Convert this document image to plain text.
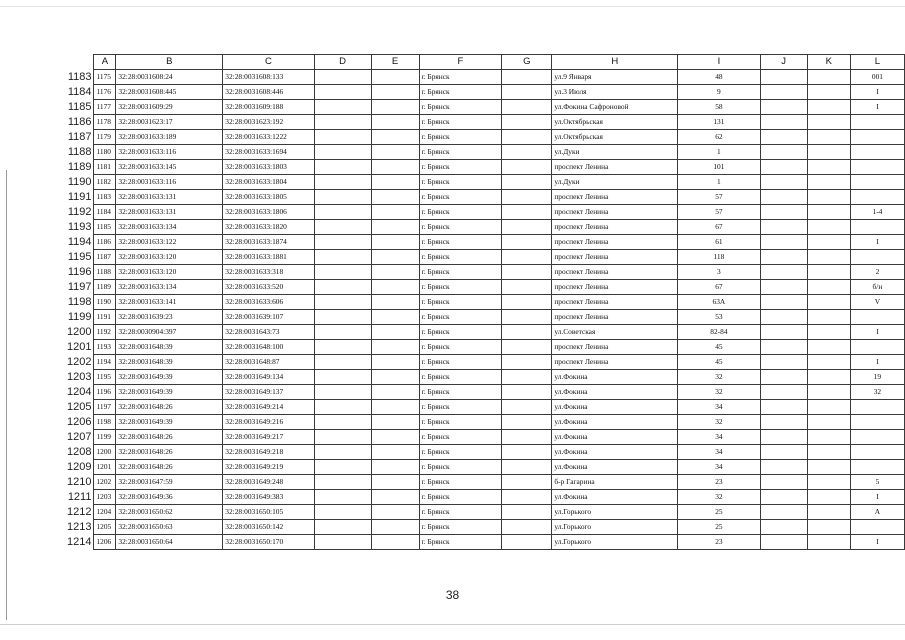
	A	B	C	D	E	F	G	H	I	J	K	L
1183	1175	32:28:0031608:24	32:28:0031608:133			г. Брянск		ул.9 Января	48			001
1184	1176	32:28:0031608:445	32:28:0031608:446			г. Брянск		ул.3 Июля	9			I
1185	1177	32:28:0031609:29	32:28:0031609:188			г. Брянск		ул.Фокина Сафроновой	58			I
1186	1178	32:28:0031623:17	32:28:0031623:192			г. Брянск		ул.Октябрьская	131			
1187	1179	32:28:0031633:189	32:28:0031633:1222			г. Брянск		ул.Октябрьская	62			
1188	1180	32:28:0031633:116	32:28:0031633:1694			г. Брянск		ул.Дуки	1			
1189	1181	32:28:0031633:145	32:28:0031633:1803			г. Брянск		проспект Ленина	101			
1190	1182	32:28:0031633:116	32:28:0031633:1804			г. Брянск		ул.Дуки	1			
1191	1183	32:28:0031633:131	32:28:0031633:1805			г. Брянск		проспект Ленина	57			
1192	1184	32:28:0031633:131	32:28:0031633:1806			г. Брянск		проспект Ленина	57			1-4
1193	1185	32:28:0031633:134	32:28:0031633:1820			г. Брянск		проспект Ленина	67			
1194	1186	32:28:0031633:122	32:28:0031633:1874			г. Брянск		проспект Ленина	61			I
1195	1187	32:28:0031633:120	32:28:0031633:1881			г. Брянск		проспект Ленина	118			
1196	1188	32:28:0031633:120	32:28:0031633:318			г. Брянск		проспект Ленина	3			2
1197	1189	32:28:0031633:134	32:28:0031633:520			г. Брянск		проспект Ленина	67			б/н
1198	1190	32:28:0031633:141	32:28:0031633:606			г. Брянск		проспект Ленина	63А			V
1199	1191	32:28:0031639:23	32:28:0031639:107			г. Брянск		проспект Ленина	53			
1200	1192	32:28:0030904:397	32:28:0031643:73			г. Брянск		ул.Советская	82-84			I
1201	1193	32:28:0031648:39	32:28:0031648:100			г. Брянск		проспект Ленина	45			
1202	1194	32:28:0031648:39	32:28:0031648:87			г. Брянск		проспект Ленина	45			I
1203	1195	32:28:0031649:39	32:28:0031649:134			г. Брянск		ул.Фокина	32			19
1204	1196	32:28:0031649:39	32:28:0031649:137			г. Брянск		ул.Фокина	32			32
1205	1197	32:28:0031648:26	32:28:0031649:214			г. Брянск		ул.Фокина	34			
1206	1198	32:28:0031649:39	32:28:0031649:216			г. Брянск		ул.Фокина	32			
1207	1199	32:28:0031648:26	32:28:0031649:217			г. Брянск		ул.Фокина	34			
1208	1200	32:28:0031648:26	32:28:0031649:218			г. Брянск		ул.Фокина	34			
1209	1201	32:28:0031648:26	32:28:0031649:219			г. Брянск		ул.Фокина	34			
1210	1202	32:28:0031647:59	32:28:0031649:248			г. Брянск		б-р Гагарина	23			5
1211	1203	32:28:0031649:36	32:28:0031649:383			г. Брянск		ул.Фокина	32			I
1212	1204	32:28:0031650:62	32:28:0031650:105			г. Брянск		ул.Горького	25			А
1213	1205	32:28:0031650:63	32:28:0031650:142			г. Брянск		ул.Горького	25			
1214	1206	32:28:0031650:64	32:28:0031650:170			г. Брянск		ул.Горького	23			I
38
